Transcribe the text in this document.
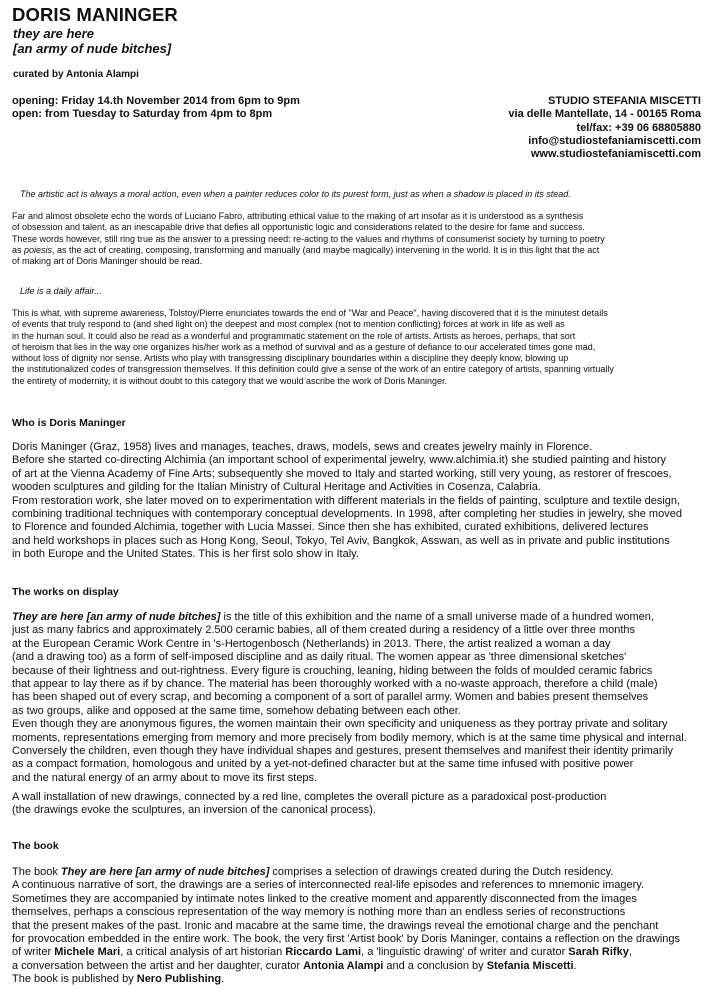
DORIS MANINGER
they are here
[an army of nude bitches]
curated by Antonia Alampi
opening: Friday 14.th November 2014 from 6pm to 9pm
open: from Tuesday to Saturday from 4pm to 8pm
STUDIO STEFANIA MISCETTI
via delle Mantellate, 14 - 00165 Roma
tel/fax: +39 06 68805880
info@studiostefaniamiscetti.com
www.studiostefaniamiscetti.com
The artistic act is always a moral action, even when a painter reduces color to its purest form, just as when a shadow is placed in its stead.
Far and almost obsolete echo the words of Luciano Fabro, attributing ethical value to the making of art insofar as it is understood as a synthesis
of obsession and talent, as an inescapable drive that defies all opportunistic logic and considerations related to the desire for fame and success.
These words however, still ring true as the answer to a pressing need: re-acting to the values and rhythms of consumerist society by turning to poetry
as poiesis, as the act of creating, composing, transforming and manually (and maybe magically) intervening in the world. It is in this light that the act
of making art of Doris Maninger should be read.
Life is a daily affair...
This is what, with supreme awareness, Tolstoy/Pierre enunciates towards the end of "War and Peace", having discovered that it is the minutest details
of events that truly respond to (and shed light on) the deepest and most complex (not to mention conflicting) forces at work in life as well as
in the human soul. It could also be read as a wonderful and programmatic statement on the role of artists. Artists as heroes, perhaps, that sort
of heroism that lies in the way one organizes his/her work as a method of survival and as a gesture of defiance to our accelerated times gone mad,
without loss of dignity nor sense. Artists who play with transgressing disciplinary boundaries within a discipline they deeply know, blowing up
the institutionalized codes of transgression themselves. If this definition could give a sense of the work of an entire category of artists, spanning virtually
the entirety of modernity, it is without doubt to this category that we would ascribe the work of Doris Maninger.
Who is Doris Maninger
Doris Maninger (Graz, 1958) lives and manages, teaches, draws, models, sews and creates jewelry mainly in Florence.
Before she started co-directing Alchimia (an important school of experimental jewelry, www.alchimia.it) she studied painting and history
of art at the Vienna Academy of Fine Arts; subsequently she moved to Italy and started working, still very young, as restorer of frescoes,
wooden sculptures and gilding for the Italian Ministry of Cultural Heritage and Activities in Cosenza, Calabria.
From restoration work, she later moved on to experimentation with different materials in the fields of painting, sculpture and textile design,
combining traditional techniques with contemporary conceptual developments. In 1998, after completing her studies in jewelry, she moved
to Florence and founded Alchimia, together with Lucia Massei. Since then she has exhibited, curated exhibitions, delivered lectures
and held workshops in places such as Hong Kong, Seoul, Tokyo, Tel Aviv, Bangkok, Asswan, as well as in private and public institutions
in both Europe and the United States. This is her first solo show in Italy.
The works on display
They are here [an army of nude bitches] is the title of this exhibition and the name of a small universe made of a hundred women,
just as many fabrics and approximately 2.500 ceramic babies, all of them created during a residency of a little over three months
at the European Ceramic Work Centre in 's-Hertogenbosch (Netherlands) in 2013. There, the artist realized a woman a day
(and a drawing too) as a form of self-imposed discipline and as daily ritual. The women appear as 'three dimensional sketches'
because of their lightness and out-rightness. Every figure is crouching, leaning, hiding between the folds of moulded ceramic fabrics
that appear to lay there as if by chance. The material has been thoroughly worked with a no-waste approach, therefore a child (male)
has been shaped out of every scrap, and becoming a component of a sort of parallel army. Women and babies present themselves
as two groups, alike and opposed at the same time, somehow debating between each other.
Even though they are anonymous figures, the women maintain their own specificity and uniqueness as they portray private and solitary
moments, representations emerging from memory and more precisely from bodily memory, which is at the same time physical and internal.
Conversely the children, even though they have individual shapes and gestures, present themselves and manifest their identity primarily
as a compact formation, homologous and united by a yet-not-defined character but at the same time infused with positive power
and the natural energy of an army about to move its first steps.
A wall installation of new drawings, connected by a red line, completes the overall picture as a paradoxical post-production
(the drawings evoke the sculptures, an inversion of the canonical process).
The book
The book They are here [an army of nude bitches] comprises a selection of drawings created during the Dutch residency.
A continuous narrative of sort, the drawings are a series of interconnected real-life episodes and references to mnemonic imagery.
Sometimes they are accompanied by intimate notes linked to the creative moment and apparently disconnected from the images
themselves, perhaps a conscious representation of the way memory is nothing more than an endless series of reconstructions
that the present makes of the past. Ironic and macabre at the same time, the drawings reveal the emotional charge and the penchant
for provocation embedded in the entire work. The book, the very first 'Artist book' by Doris Maninger, contains a reflection on the drawings
of writer Michele Mari, a critical analysis of art historian Riccardo Lami, a 'linguistic drawing' of writer and curator Sarah Rifky,
a conversation between the artist and her daughter, curator Antonia Alampi and a conclusion by Stefania Miscetti.
The book is published by Nero Publishing.
